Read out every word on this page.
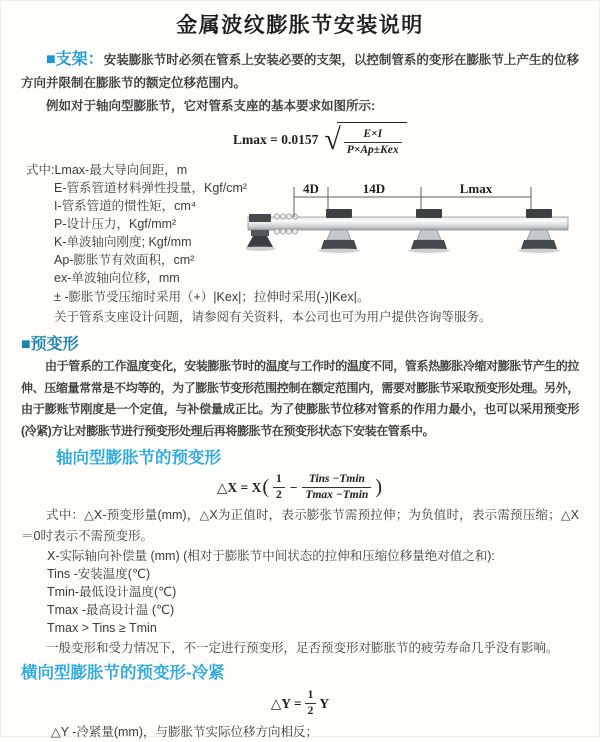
金属波纹膨胀节安装说明

■支架：安装膨胀节时必须在管系上安装必要的支架，以控制管系的变形在膨胀节上产生的位移方向并限制在膨胀节的额定位移范围内。

例如对于轴向型膨胀节，它对管系支座的基本要求如图所示:

Lmax = 0.0157 √ $\frac{E\times I}{\text{P×Ap±Kex}}$
式中:Lmax-最大导向间距，m
E-管系管道材料弹性投量，Kgf/cm²
I-管系管道的惯性矩，cm⁴
P-设计压力，Kgf/mm²
K-单波轴向刚度; Kgf/mm
Ap-膨胀节有效面积，cm²
ex-单波轴向位移，mm
4D	14D	Lmax
± -膨胀节受压缩时采用（+）|Kex|；拉伸时采用(-)|Kex|。
关于管系支座设计问题，请参阅有关资料，本公司也可为用户提供咨询等服务。
■预变形

由于管系的工作温度变化，安装膨胀节时的温度与工作时的温度不同，管系热膨胀冷缩对膨胀节产生的拉伸、压缩量常常是不均等的，为了膨胀节变形范围控制在额定范围内，需要对膨胀节采取预变形处理。另外，由于膨账节刚度是一个定值，与补偿量成正比。为了使膨胀节位移对管系的作用力最小，也可以采用预变形(冷紧)方让对膨胀节进行预变形处理后再将膨胀节在预变形状态下安装在管系中。

轴向型膨胀节的预变形
△X = X ( $\frac{1}{2} - \frac{\text{Tins −Tmin}}{Tmax -Tmin}$ )

式中：△X-预变形量(mm)，△X为正值时，表示膨张节需预拉伸；为负值时，表示需预压缩；△X＝0时表示不需预变形。

X-实际轴向补偿量 (mm) (相对于膨胀节中间状态的拉伸和压缩位移量绝对值之和):
Tins -安装温度(℃)
Tmin-最低设计温度(℃)
Tmax -最高设计温 (℃)
Tmax > Tins ≥ Tmin

一般变形和受力情况下，不一定进行预变形，足否预变形对膨胀节的疲劳寿命几乎没有影响。

横向型膨胀节的预变形-冷紧
△Y = $\frac{1}{2}$ Y
△Y -冷紧量(mm)，与膨胀节实际位移方向相反；
